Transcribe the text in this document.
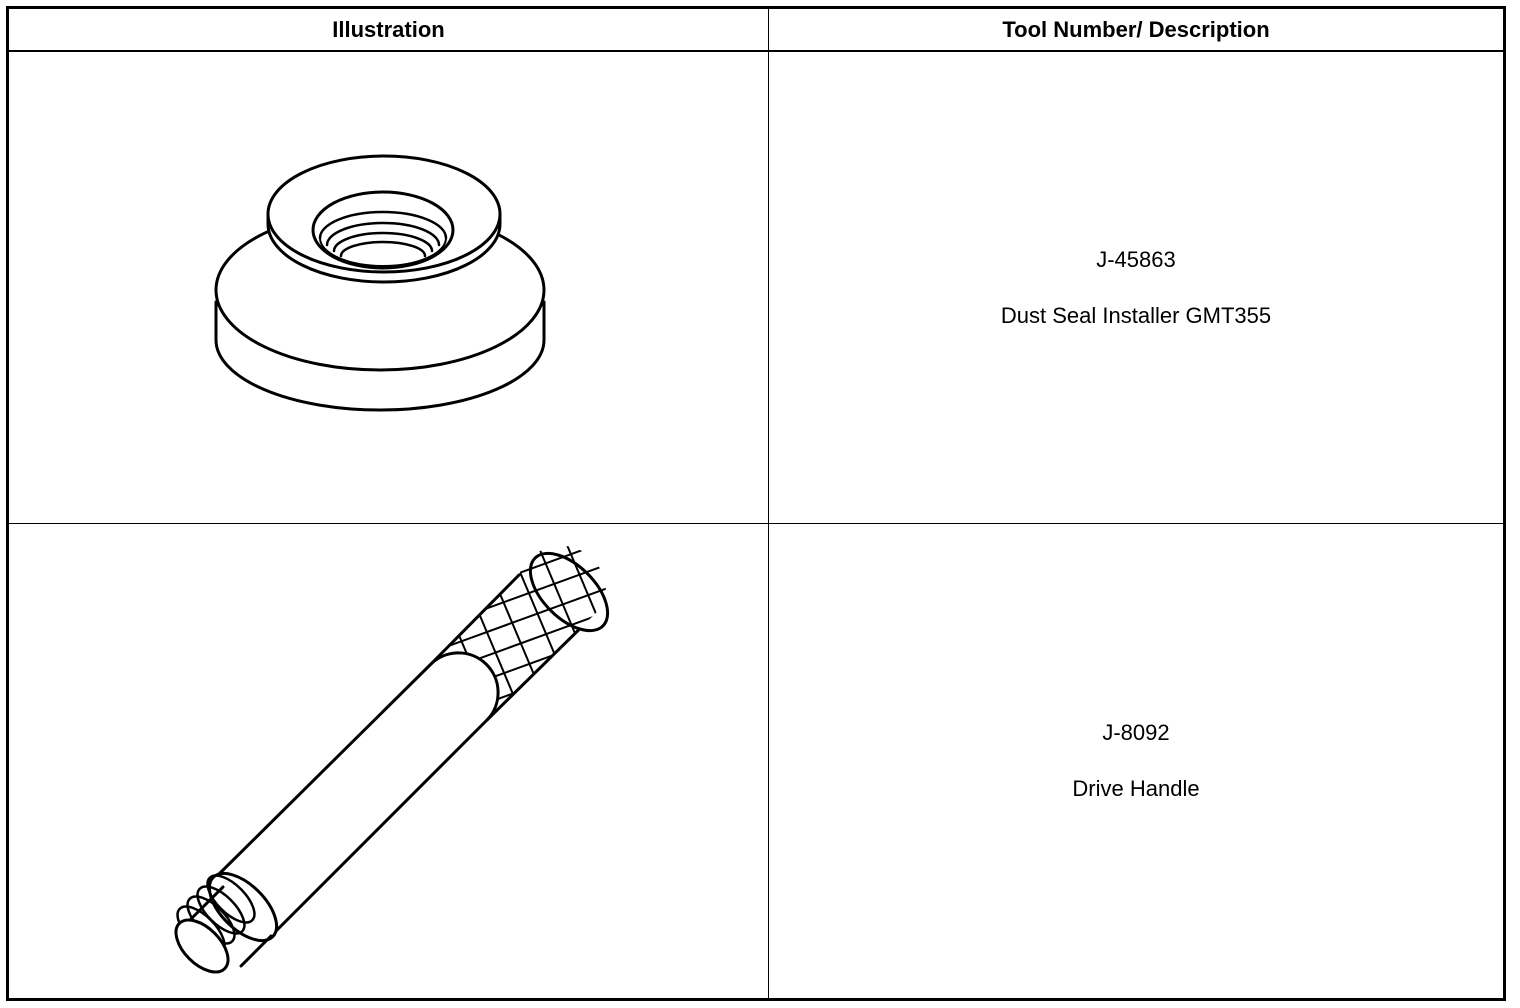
Illustration	Tool Number/ Description
J-45863
Dust Seal Installer GMT355
J-8092
Drive Handle
